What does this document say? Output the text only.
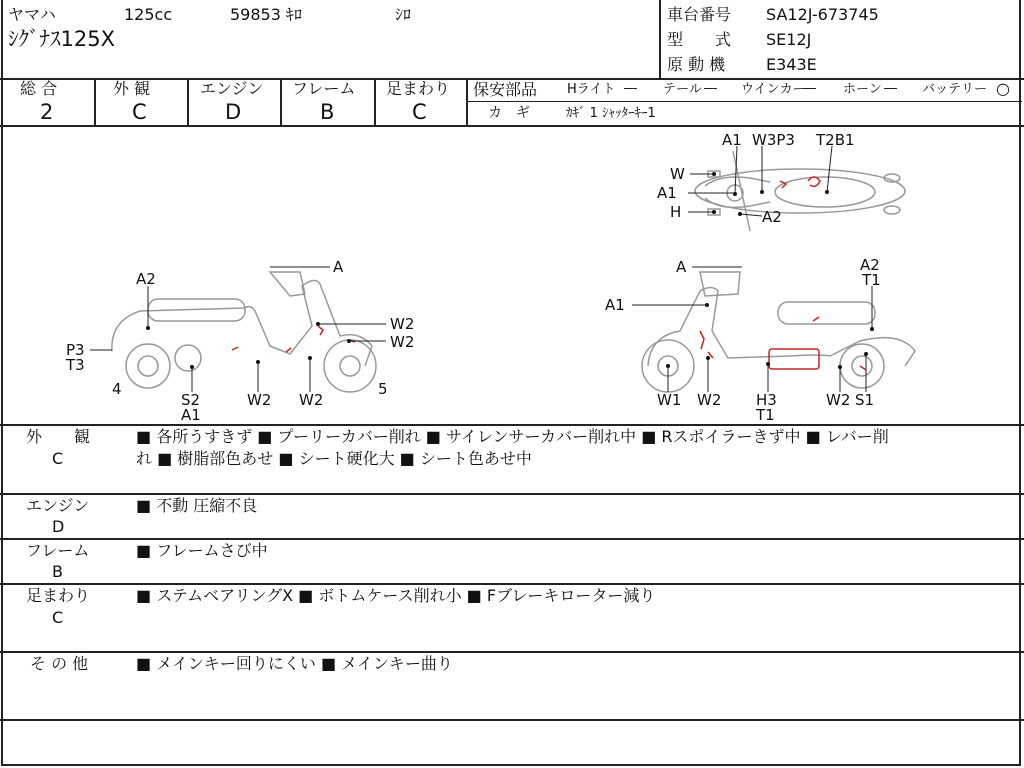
ヤマハ	125cc	59853 ｷﾛ	ｼﾛ
ｼｸﾞﾅｽ125X
車台番号 SA12J-673745
型　　式 SE12J
原 動 機	E343E
総 合	外 観	エンジン フレーム 足まわり
2	C	D	B	C
保安部品 Hライト ― テール ― ウインカー
― ホーン ― バッテリー ○
カ　ギ	ｶｷﾞ 1 ｼｬｯﾀｰｷｰ1
A1 W3P3 T2B1
W
A1
H	A2
A
A2
W2
W2
P3
T3
4
S2
A1
W2 W2
5
A	A2
T1
A1
W1 W2 H3
T1
W2 S1
外　　観
C
■ 各所うすきず ■ プーリーカバー削れ ■ サイレンサーカバー削れ中 ■ Rスポイラーきず中 ■ レバー削
れ ■ 樹脂部色あせ ■ シート硬化大 ■ シート色あせ中
エンジン
D
■ 不動 圧縮不良
フレーム
B
■ フレームさび中
足まわり
C
■ ステムベアリングX ■ ボトムケース削れ小 ■ Fブレーキローター減り
そ の 他	■ メインキー回りにくい ■ メインキー曲り
